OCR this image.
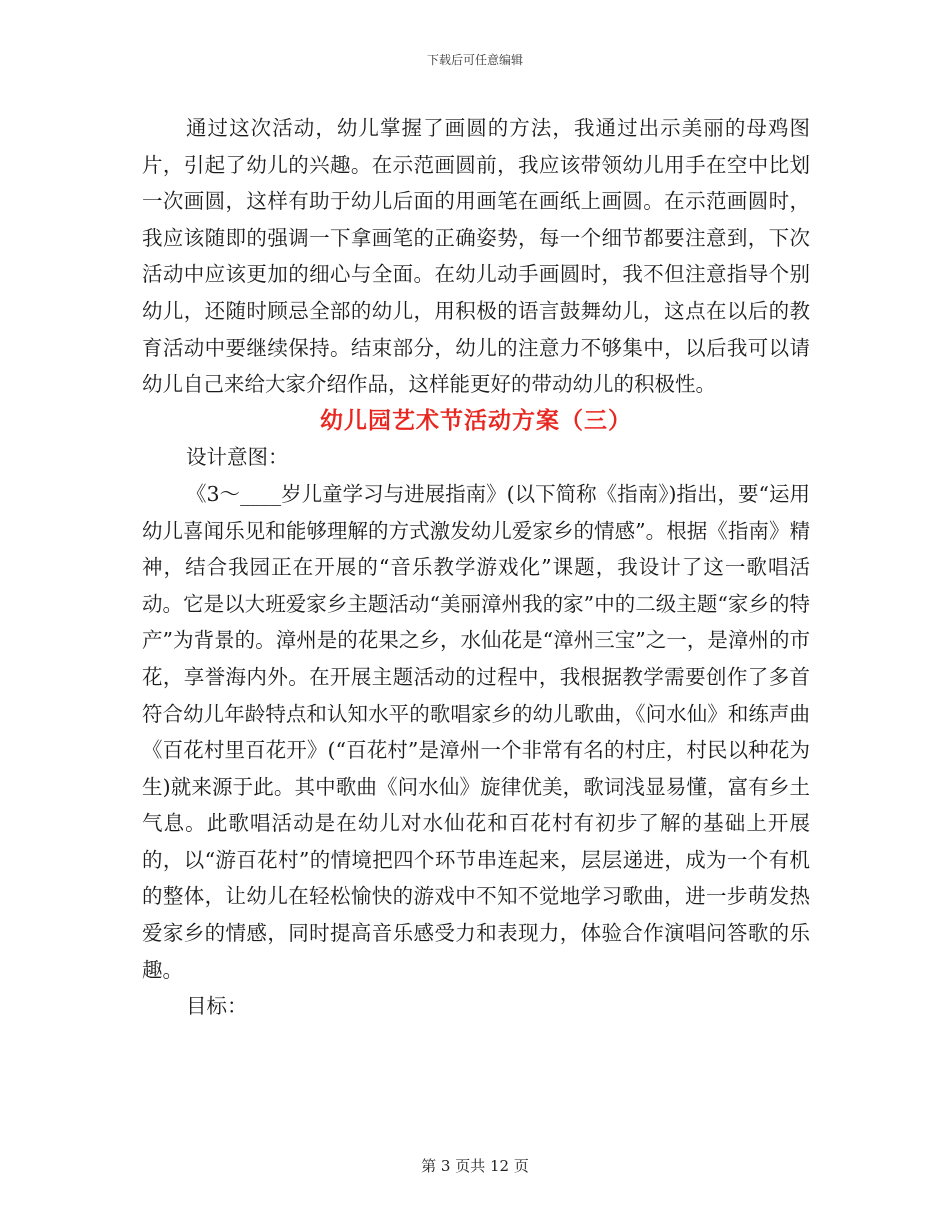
下载后可任意编辑

通过这次活动，幼儿掌握了画圆的方法，我通过出示美丽的母鸡图片，引起了幼儿的兴趣。在示范画圆前，我应该带领幼儿用手在空中比划一次画圆，这样有助于幼儿后面的用画笔在画纸上画圆。在示范画圆时，我应该随即的强调一下拿画笔的正确姿势，每一个细节都要注意到，下次活动中应该更加的细心与全面。在幼儿动手画圆时，我不但注意指导个别幼儿，还随时顾忌全部的幼儿，用积极的语言鼓舞幼儿，这点在以后的教育活动中要继续保持。结束部分，幼儿的注意力不够集中，以后我可以请幼儿自己来给大家介绍作品，这样能更好的带动幼儿的积极性。

幼儿园艺术节活动方案（三）

设计意图：

《3～____岁儿童学习与进展指南》(以下简称《指南》)指出，要“运用幼儿喜闻乐见和能够理解的方式激发幼儿爱家乡的情感”。根据《指南》精神，结合我园正在开展的“音乐教学游戏化”课题，我设计了这一歌唱活动。它是以大班爱家乡主题活动“美丽漳州我的家”中的二级主题“家乡的特产”为背景的。漳州是的花果之乡，水仙花是“漳州三宝”之一，是漳州的市花，享誉海内外。在开展主题活动的过程中，我根据教学需要创作了多首符合幼儿年龄特点和认知水平的歌唱家乡的幼儿歌曲，《问水仙》和练声曲《百花村里百花开》(“百花村”是漳州一个非常有名的村庄，村民以种花为生)就来源于此。其中歌曲《问水仙》旋律优美，歌词浅显易懂，富有乡土气息。此歌唱活动是在幼儿对水仙花和百花村有初步了解的基础上开展的，以“游百花村”的情境把四个环节串连起来，层层递进，成为一个有机的整体，让幼儿在轻松愉快的游戏中不知不觉地学习歌曲，进一步萌发热爱家乡的情感，同时提高音乐感受力和表现力，体验合作演唱问答歌的乐趣。

目标：

第 3 页共 12 页
